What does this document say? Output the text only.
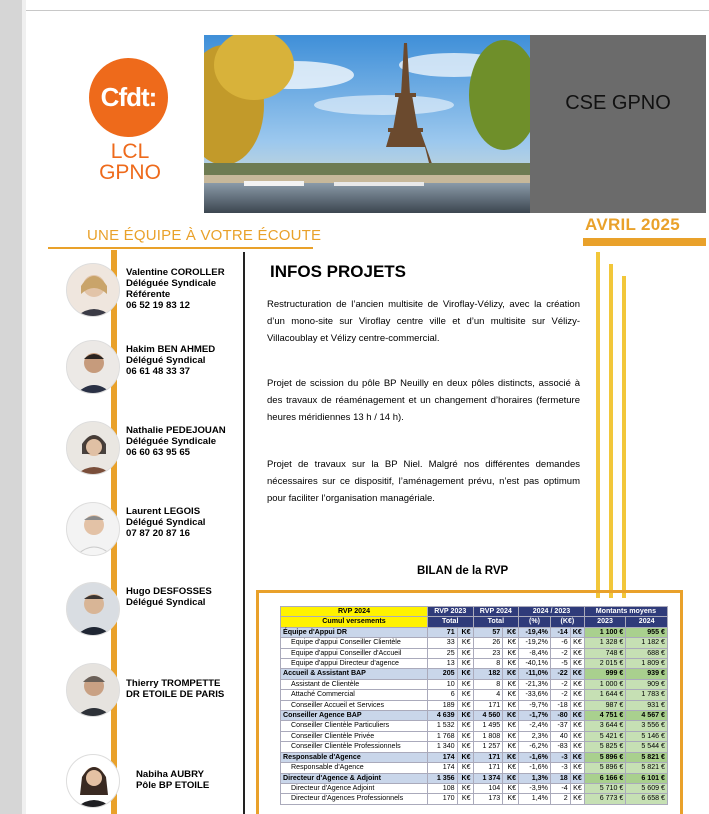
Cfdt:
LCL
GPNO
CSE GPNO
UNE ÉQUIPE À VOTRE ÉCOUTE
AVRIL 2025
Valentine COROLLER
Déléguée Syndicale
Référente
06 52 19 83 12
Hakim BEN AHMED
Délégué Syndical
06 61 48 33 37
Nathalie PEDEJOUAN
Déléguée Syndicale
06 60 63 95 65
Laurent LEGOIS
Délégué Syndical
07 87 20 87 16
Hugo DESFOSSES
Délégué Syndical
Thierry TROMPETTE
DR ETOILE DE PARIS
Nabiha AUBRY
Pôle BP ETOILE
INFOS PROJETS
Restructuration de l’ancien multisite de Viroflay-Vélizy, avec la création d’un mono-site sur Viroflay centre ville et d’un multisite sur Vélizy- Villacoublay et Vélizy centre-commercial.
Projet de scission du pôle BP Neuilly en deux pôles distincts, associé à des travaux de réaménagement et un changement d’horaires (fermeture heures méridiennes 13 h / 14 h).
Projet de travaux sur la BP Niel. Malgré nos différentes demandes nécessaires sur ce dispositif, l’aménagement prévu, n’est pas optimum pour faciliter l’organisation managériale.
BILAN de la RVP
RVP 2024	RVP 2023		RVP 2024		2024 / 2023			Montants moyens	
Cumul versements	Total		Total		(%)	(K€)		2023	2024
Équipe d'Appui DR	71	K€	57	K€	-19,4%	-14	K€	1 100 €	955 €
Equipe d'appui Conseiller Clientèle	33	K€	26	K€	-19,2%	-6	K€	1 328 €	1 182 €
Equipe d'appui Conseiller d'Accueil	25	K€	23	K€	-8,4%	-2	K€	748 €	688 €
Equipe d'appui Directeur d'agence	13	K€	8	K€	-40,1%	-5	K€	2 015 €	1 809 €
Accueil & Assistant BAP	205	K€	182	K€	-11,0%	-22	K€	999 €	939 €
Assistant de Clientèle	10	K€	8	K€	-21,3%	-2	K€	1 000 €	909 €
Attaché Commercial	6	K€	4	K€	-33,6%	-2	K€	1 644 €	1 783 €
Conseiller Accueil et Services	189	K€	171	K€	-9,7%	-18	K€	987 €	931 €
Conseiller Agence BAP	4 639	K€	4 560	K€	-1,7%	-80	K€	4 751 €	4 567 €
Conseiller Clientèle Particuliers	1 532	K€	1 495	K€	-2,4%	-37	K€	3 644 €	3 556 €
Conseiller Clientèle Privée	1 768	K€	1 808	K€	2,3%	40	K€	5 421 €	5 146 €
Conseiller Clientèle Professionnels	1 340	K€	1 257	K€	-6,2%	-83	K€	5 825 €	5 544 €
Responsable d'Agence	174	K€	171	K€	-1,6%	-3	K€	5 896 €	5 821 €
Responsable d'Agence	174	K€	171	K€	-1,6%	-3	K€	5 896 €	5 821 €
Directeur d'Agence & Adjoint	1 356	K€	1 374	K€	1,3%	18	K€	6 166 €	6 101 €
Directeur d'Agence Adjoint	108	K€	104	K€	-3,9%	-4	K€	5 710 €	5 609 €
Directeur d'Agences Professionnels	170	K€	173	K€	1,4%	2	K€	6 773 €	6 658 €
